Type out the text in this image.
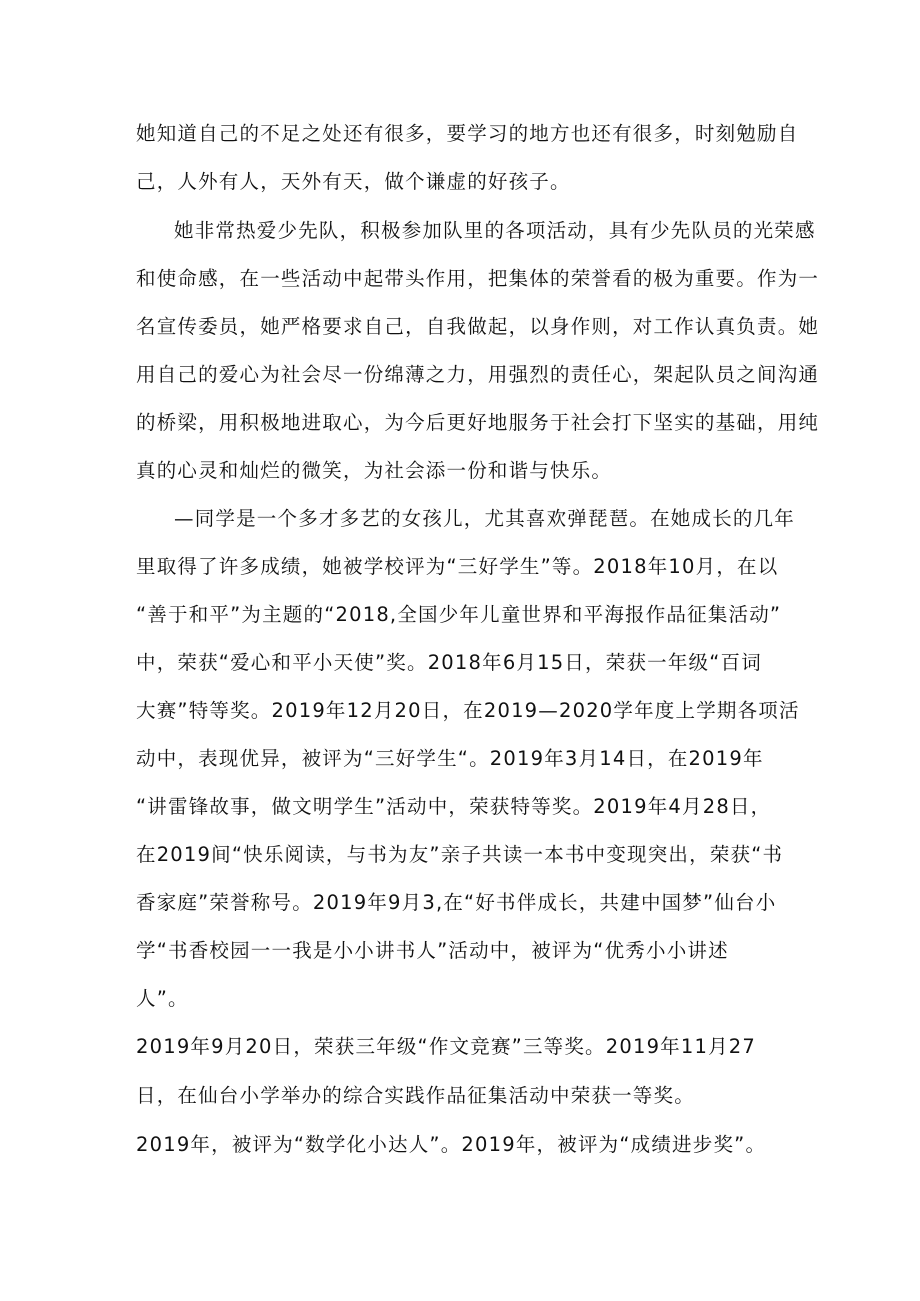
她知道自己的不足之处还有很多，要学习的地方也还有很多，时刻勉励自
己，人外有人，天外有天，做个谦虚的好孩子。
她非常热爱少先队，积极参加队里的各项活动，具有少先队员的光荣感
和使命感，在一些活动中起带头作用，把集体的荣誉看的极为重要。作为一
名宣传委员，她严格要求自己，自我做起，以身作则，对工作认真负责。她
用自己的爱心为社会尽一份绵薄之力，用强烈的责任心，架起队员之间沟通
的桥梁，用积极地进取心，为今后更好地服务于社会打下坚实的基础，用纯
真的心灵和灿烂的微笑，为社会添一份和谐与快乐。
—同学是一个多才多艺的女孩儿，尤其喜欢弹琵琶。在她成长的几年
里取得了许多成绩，她被学校评为“三好学生”等。2018年10月，在以
“善于和平”为主题的“2018,全国少年儿童世界和平海报作品征集活动”
中，荣获“爱心和平小天使”奖。2018年6月15日，荣获一年级“百词
大赛”特等奖。2019年12月20日，在2019—2020学年度上学期各项活
动中，表现优异，被评为“三好学生“。2019年3月14日，在2019年
“讲雷锋故事，做文明学生”活动中，荣获特等奖。2019年4月28日，
在2019间“快乐阅读，与书为友”亲子共读一本书中变现突出，荣获“书
香家庭”荣誉称号。2019年9月3,在“好书伴成长，共建中国梦”仙台小
学“书香校园一一我是小小讲书人”活动中，被评为“优秀小小讲述
人”。
2019年9月20日，荣获三年级“作文竞赛”三等奖。2019年11月27
日，在仙台小学举办的综合实践作品征集活动中荣获一等奖。
2019年，被评为“数学化小达人”。2019年，被评为“成绩进步奖”。
